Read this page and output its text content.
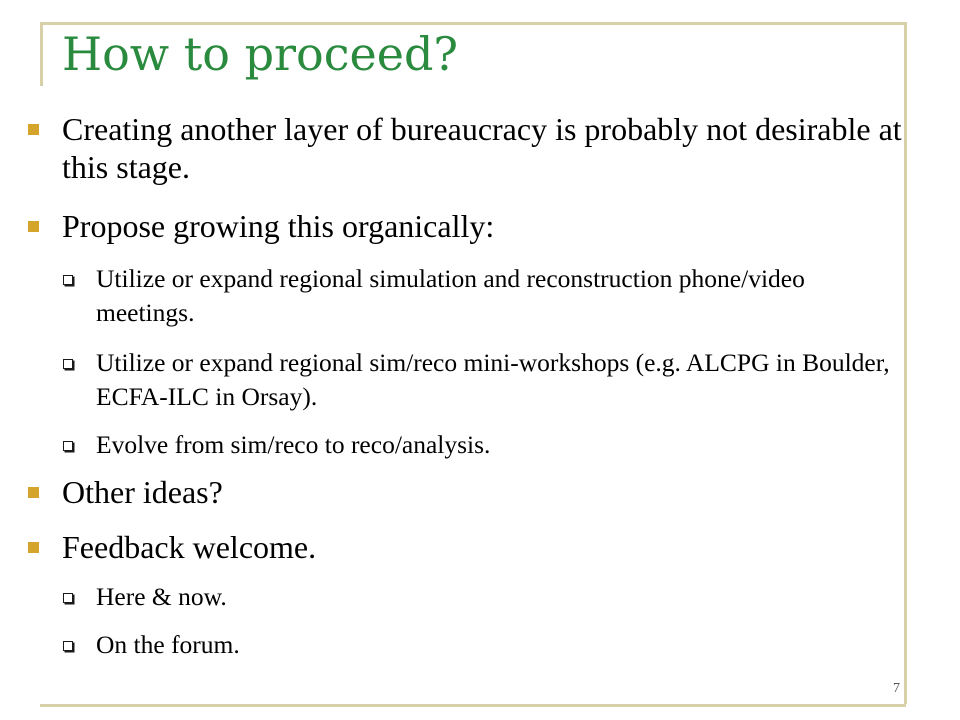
How to proceed?
Creating another layer of bureaucracy is probably not desirable at this stage.
Propose growing this organically:
Utilize or expand regional simulation and reconstruction phone/video meetings.
Utilize or expand regional sim/reco mini-workshops (e.g. ALCPG in Boulder, ECFA-ILC in Orsay).
Evolve from sim/reco to reco/analysis.
Other ideas?
Feedback welcome.
Here & now.
On the forum.
7
